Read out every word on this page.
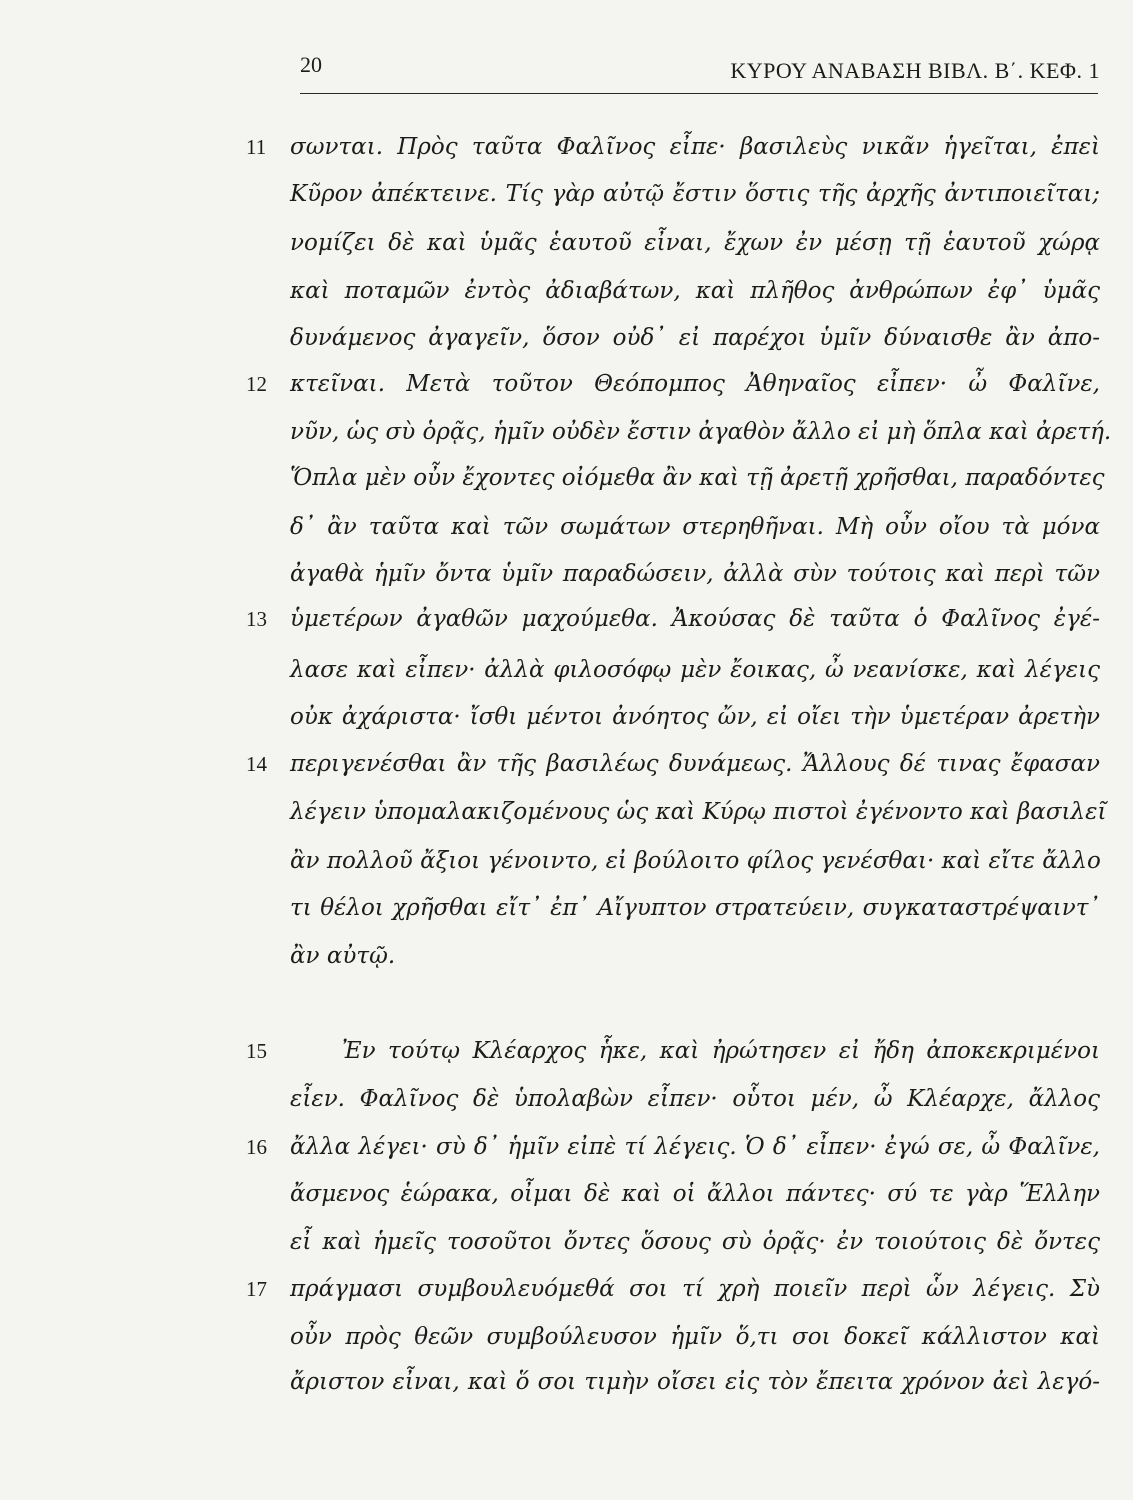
20	ΚΥΡΟΥ ΑΝΑΒΑΣΗ ΒΙΒΛ. Β΄. ΚΕΦ. 1
11
12
13
14
15
16
17
σωνται. Πρὸς ταῦτα Φαλῖνος εἶπε· βασιλεὺς νικᾶν ἡγεῖται, ἐπεὶ
Κῦρον ἀπέκτεινε. Τίς γὰρ αὐτῷ ἔστιν ὅστις τῆς ἀρχῆς ἀντιποιεῖται;
νομίζει δὲ καὶ ὑμᾶς ἑαυτοῦ εἶναι, ἔχων ἐν μέσῃ τῇ ἑαυτοῦ χώρᾳ
καὶ ποταμῶν ἐντὸς ἀδιαβάτων, καὶ πλῆθος ἀνθρώπων ἐφ᾽ ὑμᾶς
δυνάμενος ἀγαγεῖν, ὅσον οὐδ᾽ εἰ παρέχοι ὑμῖν δύναισθε ἂν ἀπο-
κτεῖναι. Μετὰ τοῦτον Θεόπομπος Ἀθηναῖος εἶπεν· ὦ Φαλῖνε,
νῦν, ὡς σὺ ὁρᾷς, ἡμῖν οὐδὲν ἔστιν ἀγαθὸν ἄλλο εἰ μὴ ὅπλα καὶ ἀρετή.
Ὅπλα μὲν οὖν ἔχοντες οἰόμεθα ἂν καὶ τῇ ἀρετῇ χρῆσθαι, παραδόντες
δ᾽ ἂν ταῦτα καὶ τῶν σωμάτων στερηθῆναι. Μὴ οὖν οἴου τὰ μόνα
ἀγαθὰ ἡμῖν ὄντα ὑμῖν παραδώσειν, ἀλλὰ σὺν τούτοις καὶ περὶ τῶν
ὑμετέρων ἀγαθῶν μαχούμεθα. Ἀκούσας δὲ ταῦτα ὁ Φαλῖνος ἐγέ-
λασε καὶ εἶπεν· ἀλλὰ φιλοσόφῳ μὲν ἔοικας, ὦ νεανίσκε, καὶ λέγεις
οὐκ ἀχάριστα· ἴσθι μέντοι ἀνόητος ὤν, εἰ οἴει τὴν ὑμετέραν ἀρετὴν
περιγενέσθαι ἂν τῆς βασιλέως δυνάμεως. Ἄλλους δέ τινας ἔφασαν
λέγειν ὑπομαλακιζομένους ὡς καὶ Κύρῳ πιστοὶ ἐγένοντο καὶ βασιλεῖ
ἂν πολλοῦ ἄξιοι γένοιντο, εἰ βούλοιτο φίλος γενέσθαι· καὶ εἴτε ἄλλο
τι θέλοι χρῆσθαι εἴτ᾽ ἐπ᾽ Αἴγυπτον στρατεύειν, συγκαταστρέψαιντ᾽
ἂν αὐτῷ.
Ἐν τούτῳ Κλέαρχος ἧκε, καὶ ἠρώτησεν εἰ ἤδη ἀποκεκριμένοι
εἶεν. Φαλῖνος δὲ ὑπολαβὼν εἶπεν· οὗτοι μέν, ὦ Κλέαρχε, ἄλλος
ἄλλα λέγει· σὺ δ᾽ ἡμῖν εἰπὲ τί λέγεις. Ὁ δ᾽ εἶπεν· ἐγώ σε, ὦ Φαλῖνε,
ἄσμενος ἑώρακα, οἶμαι δὲ καὶ οἱ ἄλλοι πάντες· σύ τε γὰρ Ἕλλην
εἶ καὶ ἡμεῖς τοσοῦτοι ὄντες ὅσους σὺ ὁρᾷς· ἐν τοιούτοις δὲ ὄντες
πράγμασι συμβουλευόμεθά σοι τί χρὴ ποιεῖν περὶ ὧν λέγεις. Σὺ
οὖν πρὸς θεῶν συμβούλευσον ἡμῖν ὅ,τι σοι δοκεῖ κάλλιστον καὶ
ἄριστον εἶναι, καὶ ὅ σοι τιμὴν οἴσει εἰς τὸν ἔπειτα χρόνον ἀεὶ λεγό-
